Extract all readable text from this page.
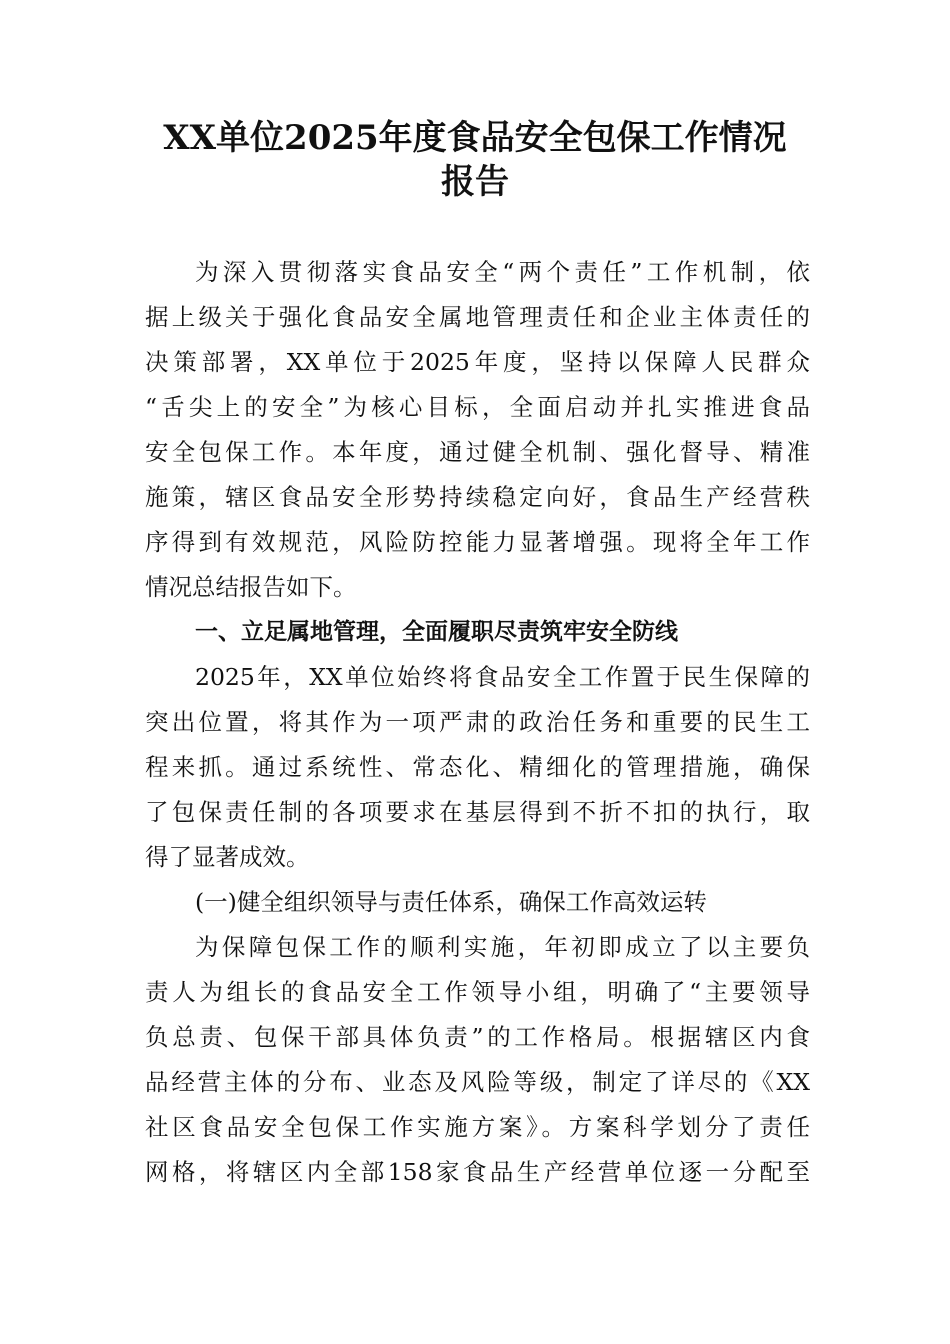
XX单位2025年度食品安全包保工作情况
报告
为深入贯彻落实食品安全“两个责任”工作机制，依
据上级关于强化食品安全属地管理责任和企业主体责任的
决策部署，XX单位于2025年度，坚持以保障人民群众
“舌尖上的安全”为核心目标，全面启动并扎实推进食品
安全包保工作。本年度，通过健全机制、强化督导、精准
施策，辖区食品安全形势持续稳定向好，食品生产经营秩
序得到有效规范，风险防控能力显著增强。现将全年工作
情况总结报告如下。
一、立足属地管理，全面履职尽责筑牢安全防线
2025年，XX单位始终将食品安全工作置于民生保障的
突出位置，将其作为一项严肃的政治任务和重要的民生工
程来抓。通过系统性、常态化、精细化的管理措施，确保
了包保责任制的各项要求在基层得到不折不扣的执行，取
得了显著成效。
(一)健全组织领导与责任体系，确保工作高效运转
为保障包保工作的顺利实施，年初即成立了以主要负
责人为组长的食品安全工作领导小组，明确了“主要领导
负总责、包保干部具体负责”的工作格局。根据辖区内食
品经营主体的分布、业态及风险等级，制定了详尽的《XX
社区食品安全包保工作实施方案》。方案科学划分了责任
网格，将辖区内全部158家食品生产经营单位逐一分配至
